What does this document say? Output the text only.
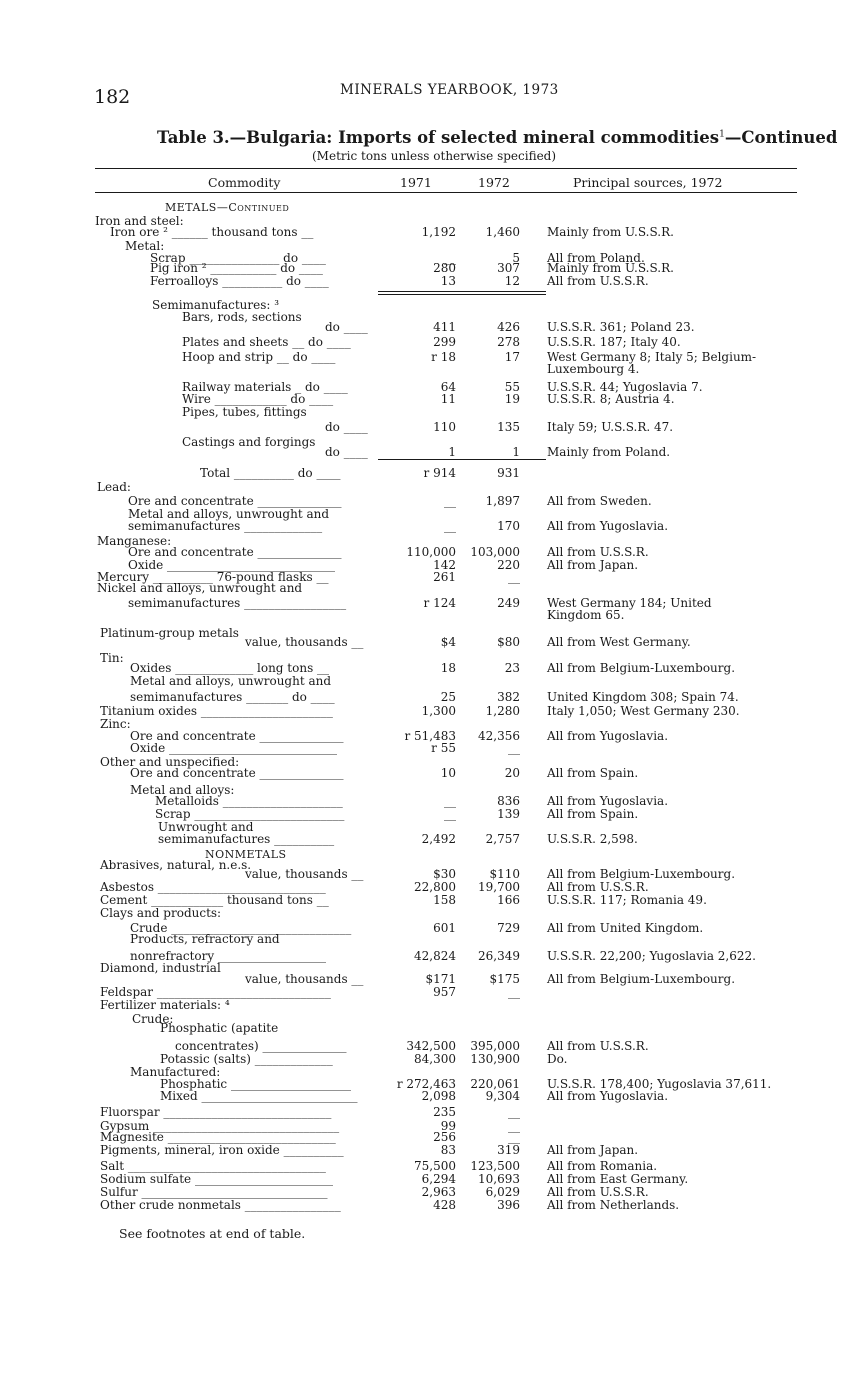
182	MINERALS YEARBOOK, 1973
Table 3.—Bulgaria: Imports of selected mineral commodities$^1$—Continued
(Metric tons unless otherwise specified)
Commodity	1971	1972	Principal sources, 1972
METALS—Continued
Iron and steel:
Iron ore ² ______ thousand tons __	1,192	1,460 Mainly from U.S.S.R.
Metal:
Scrap _______________ do ____	__	5 All from Poland.
Pig iron ² ___________ do ____	280	307 Mainly from U.S.S.R.
Ferroalloys __________ do ____	13	12 All from U.S.S.R.
Semimanufactures: ³
Bars, rods, sections
do ____	411	426 U.S.S.R. 361; Poland 23.
Plates and sheets __ do ____	299	278 U.S.S.R. 187; Italy 40.
Hoop and strip __ do ____	r 18	17 West Germany 8; Italy 5; Belgium-
Luxembourg 4.
Railway materials _ do ____	64	55 U.S.S.R. 44; Yugoslavia 7.
Wire ____________ do ____	11	19 U.S.S.R. 8; Austria 4.
Pipes, tubes, fittings
do ____	110	135 Italy 59; U.S.S.R. 47.
Castings and forgings
do ____	1	1 Mainly from Poland.
Total __________ do ____	r 914	931
Lead:
Ore and concentrate ______________	__	1,897 All from Sweden.
Metal and alloys, unwrought and
semimanufactures _____________	__	170 All from Yugoslavia.
Manganese:
Ore and concentrate ______________	110,000 103,000 All from U.S.S.R.
Oxide ____________________________	142	220 All from Japan.
Mercury __________ 76-pound flasks __	261	__
Nickel and alloys, unwrought and
semimanufactures _________________	r 124	249 West Germany 184; United
Kingdom 65.
Platinum-group metals
value, thousands __	$4	$80 All from West Germany.
Tin:
Oxides _____________ long tons __	18	23 All from Belgium-Luxembourg.
Metal and alloys, unwrought and
semimanufactures _______ do ____	25	382 United Kingdom 308; Spain 74.
Titanium oxides ______________________	1,300	1,280 Italy 1,050; West Germany 230.
Zinc:
Ore and concentrate ______________	r 51,483	42,356 All from Yugoslavia.
Oxide ____________________________	r 55	__
Other and unspecified:
Ore and concentrate ______________	10	20 All from Spain.
Metal and alloys:
Metalloids ____________________	__	836 All from Yugoslavia.
Scrap _________________________	__	139 All from Spain.
Unwrought and
semimanufactures __________	2,492	2,757 U.S.S.R. 2,598.
NONMETALS
Abrasives, natural, n.e.s.
value, thousands __	$30	$110 All from Belgium-Luxembourg.
Asbestos ____________________________	22,800	19,700 All from U.S.S.R.
Cement ____________ thousand tons __	158	166 U.S.S.R. 117; Romania 49.
Clays and products:
Crude ______________________________	601	729 All from United Kingdom.
Products, refractory and
nonrefractory __________________	42,824	26,349 U.S.S.R. 22,200; Yugoslavia 2,622.
Diamond, industrial
value, thousands __	$171	$175 All from Belgium-Luxembourg.
Feldspar _____________________________	957	__
Fertilizer materials: ⁴
Crude:
Phosphatic (apatite
concentrates) ______________	342,500 395,000 All from U.S.S.R.
Potassic (salts) _____________	84,300 130,900 Do.
Manufactured:
Phosphatic ____________________	r 272,463 220,061 U.S.S.R. 178,400; Yugoslavia 37,611.
Mixed __________________________	2,098	9,304 All from Yugoslavia.
Fluorspar ____________________________	235	__
Gypsum _______________________________	99	__
Magnesite ____________________________	256	__
Pigments, mineral, iron oxide __________	83	319 All from Japan.
Salt _________________________________	75,500 123,500 All from Romania.
Sodium sulfate _______________________	6,294	10,693 All from East Germany.
Sulfur _______________________________	2,963	6,029 All from U.S.S.R.
Other crude nonmetals ________________	428	396 All from Netherlands.
See footnotes at end of table.
